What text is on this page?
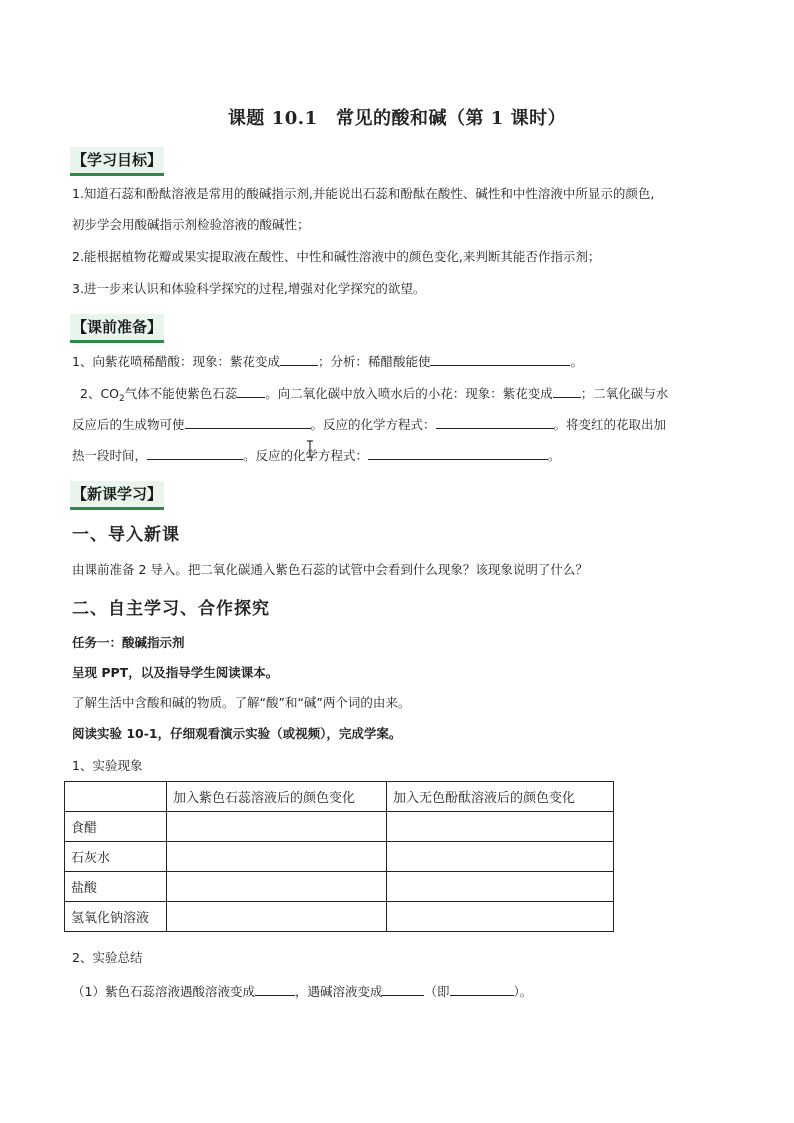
课题 10.1　常见的酸和碱（第 1 课时）
【学习目标】
1.知道石蕊和酚酞溶液是常用的酸碱指示剂,并能说出石蕊和酚酞在酸性、碱性和中性溶液中所显示的颜色,
初步学会用酸碱指示剂检验溶液的酸碱性；
2.能根据植物花瓣或果实提取液在酸性、中性和碱性溶液中的颜色变化,来判断其能否作指示剂；
3.进一步来认识和体验科学探究的过程,增强对化学探究的欲望。
【课前准备】
1、向紫花喷稀醋酸：现象：紫花变成	；分析：稀醋酸能使	。
2、$CO_2$气体不能使紫色石蕊 。向二氧化碳中放入喷水后的小花：现象：紫花变成 ；二氧化碳与水
反应后的生成物可使	。反应的化学方程式：	。将变红的花取出加
热一段时间，	。反应的化学方程式：	。
【新课学习】
一、导入新课
由课前准备 2 导入。把二氧化碳通入紫色石蕊的试管中会看到什么现象？该现象说明了什么？
二、自主学习、合作探究
任务一：酸碱指示剂
呈现 PPT，以及指导学生阅读课本。
了解生活中含酸和碱的物质。了解“酸”和“碱”两个词的由来。
阅读实验 10-1，仔细观看演示实验（或视频），完成学案。
1、实验现象
	加入紫色石蕊溶液后的颜色变化	加入无色酚酞溶液后的颜色变化
食醋		
石灰水		
盐酸		
氢氧化钠溶液		
2、实验总结
（1）紫色石蕊溶液遇酸溶液变成	，遇碱溶液变成	（即	）。
